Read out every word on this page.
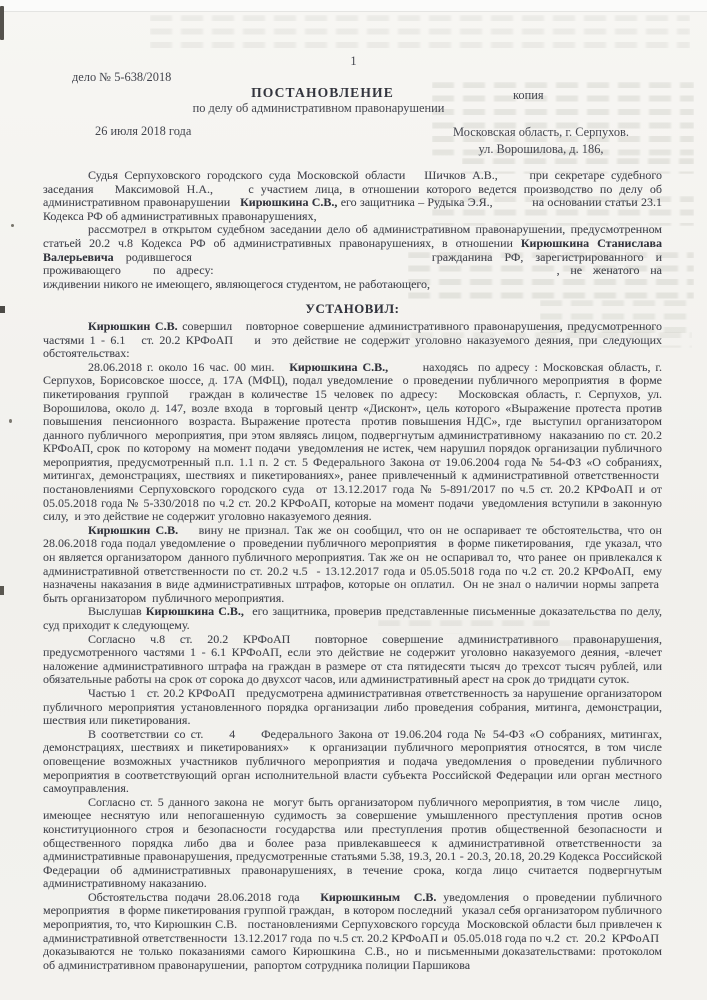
1
дело № 5-638/2018
ПОСТАНОВЛЕНИЕ	копия
по делу об административном правонарушении
26 июля 2018 года	Московская область, г. Серпухов.
ул. Ворошилова, д. 186,

Судья Серпуховского городского суда Московской области   Шичков А.В.,     при секретаре судебного заседания   Максимовой Н.А.,     с участием лица, в отношении которого ведется производство по делу об административном правонарушении   Кирюшкина С.В., его защитника – Рудыка Э.Я.,            на основании статьи 23.1 Кодекса РФ об административных правонарушениях,

рассмотрел в открытом судебном заседании дело об административном правонарушении, предусмотренном статьей 20.2 ч.8 Кодекса РФ об административных правонарушениях, в отношении Кирюшкина Станислава Валерьевича родившегося	гражданина РФ, зарегистрированного и проживающего   по адресу:	, не женатого на иждивении никого не имеющего, являющегося студентом, не работающего,

УСТАНОВИЛ:

Кирюшкин С.В. совершил   повторное совершение административного правонарушения, предусмотренного частями 1 - 6.1   ст. 20.2 КРФоАП    и  это действие не содержит уголовно наказуемого деяния, при следующих обстоятельствах:

28.06.2018 г. около 16 час. 00 мин.   Кирюшкина С.В.,       находясь  по адресу : Московская область, г. Серпухов, Борисовское шоссе, д. 17А (МФЦ), подал уведомление  о проведении публичного мероприятия  в форме пикетирования группой   граждан в количестве 15 человек по адресу:   Московская область, г. Серпухов, ул. Ворошилова, около д. 147, возле входа  в торговый центр «Дисконт», цель которого «Выражение протеста против повышения  пенсионного  возраста. Выражение протеста  против повышения НДС», где  выступил организатором данного публичного  мероприятия, при этом являясь лицом, подвергнутым административному  наказанию по ст. 20.2 КРФоАП, срок  по которому  на момент подачи  уведомления не истек, чем нарушил порядок организации публичного мероприятия, предусмотренный п.п. 1.1 п. 2 ст. 5 Федерального Закона от 19.06.2004 года № 54-ФЗ «О собраниях, митингах, демонстрациях, шествиях и пикетированиях», ранее привлеченный к административной ответственности  постановлениями Серпуховского городского суда  от 13.12.2017 года № 5-891/2017 по ч.5 ст. 20.2 КРФоАП и от 05.05.2018 года № 5-330/2018 по ч.2 ст. 20.2 КРФоАП, которые на момент подачи  уведомления вступили в законную силу,  и это действие не содержит уголовно наказуемого деяния.

Кирюшкин С.В.    вину не признал. Так же он сообщил, что он не оспаривает те обстоятельства, что он 28.06.2018 года подал уведомление о  проведении публичного мероприятия   в форме пикетирования,   где указал, что он является организатором  данного публичного мероприятия. Так же он  не оспаривал то,  что ранее  он привлекался к административной ответственности по ст. 20.2 ч.5  - 13.12.2017 года и 05.05.5018 года по ч.2 ст. 20.2 КРФоАП,  ему назначены наказания в виде административных штрафов, которые он оплатил.  Он не знал о наличии нормы запрета  быть организатором  публичного мероприятия.

Выслушав Кирюшкина С.В.,  его защитника, проверив представленные письменные доказательства по делу, суд приходит к следующему.

Согласно   ч.8   ст.   20.2   КРФоАП     повторное   совершение   административного   правонарушения, предусмотренного частями 1 - 6.1 КРФоАП, если это действие не содержит уголовно наказуемого деяния, -влечет наложение административного штрафа на граждан в размере от ста пятидесяти тысяч до трехсот тысяч рублей, или обязательные работы на срок от сорока до двухсот часов, или административный арест на срок до тридцати суток.

Частью 1   ст. 20.2 КРФоАП   предусмотрена административная ответственность за нарушение организатором публичного мероприятия установленного порядка организации либо проведения собрания, митинга, демонстрации, шествия или пикетирования.

В соответствии со ст.     4     Федерального Закона от 19.06.204 года № 54-ФЗ «О собраниях, митингах, демонстрациях, шествиях и пикетированиях»   к организации публичного мероприятия относятся, в том числе оповещение возможных участников публичного мероприятия и подача уведомления о проведении публичного мероприятия в соответствующий орган исполнительной власти субъекта Российской Федерации или орган местного самоуправления.

Согласно ст. 5 данного закона не  могут быть организатором публичного мероприятия, в том числе   лицо, имеющее неснятую или непогашенную судимость за совершение умышленного преступления против основ конституционного строя и безопасности государства или преступления против общественной безопасности и общественного порядка либо два и более раза привлекавшееся к административной ответственности за административные правонарушения, предусмотренные статьями 5.38, 19.3, 20.1 - 20.3, 20.18, 20.29 Кодекса Российской Федерации об административных правонарушениях, в течение срока, когда лицо считается подвергнутым административному наказанию.

Обстоятельства подачи 28.06.2018 года   Кирюшкиным  С.В. уведомления  о проведении публичного мероприятия   в форме пикетирования группой граждан,   в котором последний   указал себя организатором публичного мероприятия, то, что Кирюшкин С.В.   постановлениями Серпуховского горсуда  Московской области был привлечен к административной ответственности  13.12.2017 года  по ч.5 ст. 20.2 КРФоАП и  05.05.018 года по ч.2  ст.  20.2  КРФоАП  доказываются  не  только  показаниями  самого  Кирюшкина   С.В.,  но  и  письменными доказательствами:  протоколом об административном правонарушении,  рапортом сотрудника полиции Паршикова
